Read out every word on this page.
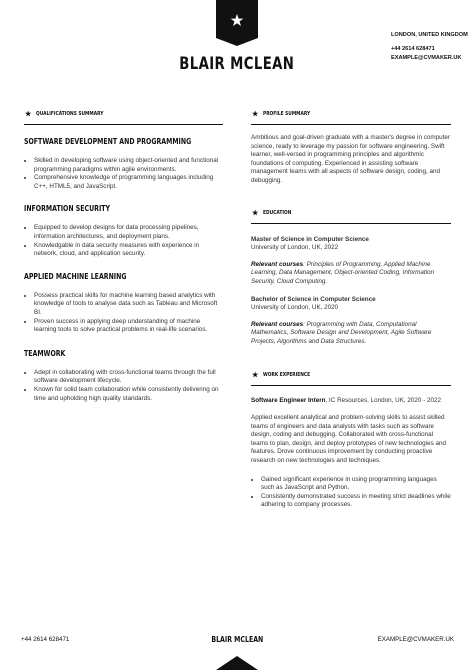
BLAIR MCLEAN
LONDON, UNITED KINGDOM
+44 2614 628471
EXAMPLE@CVMAKER.UK
★ QUALIFICATIONS SUMMARY
SOFTWARE DEVELOPMENT AND PROGRAMMING
• Skilled in developing software using object-oriented and functional programming paradigms within agile environments.
• Comprehensive knowledge of programming languages including C++, HTML5, and JavaScript.
INFORMATION SECURITY
• Equipped to develop designs for data processing pipelines, information architectures, and deployment plans.
• Knowledgable in data security measures with experience in network, cloud, and application security.
APPLIED MACHINE LEARNING
• Possess practical skills for machine learning based analytics with knowledge of tools to analyse data such as Tableau and Microsoft BI.
• Proven success in applying deep understanding of machine learning tools to solve practical problems in real-life scenarios.
TEAMWORK
• Adept in collaborating with cross-functional teams through the full software development lifecycle.
• Known for solid team collaboration while consistently delivering on time and upholding high quality standards.
★ PROFILE SUMMARY

Ambitious and goal-driven graduate with a master's degree in computer science, ready to leverage my passion for software engineering. Swift learner, well-versed in programming principles and algorithmic foundations of computing. Experienced in assisting software management teams with all aspects of software design, coding, and debugging.

★ EDUCATION

Master of Science in Computer Science

University of London, UK, 2022

Relevant courses: Principles of Programming, Applied Machine Learning, Data Management, Object-oriented Coding, Information Security, Cloud Computing.

Bachelor of Science in Computer Science

University of London, UK, 2020

Relevant courses: Programming with Data, Computational Mathematics, Software Design and Development, Agile Software Projects, Algorithms and Data Structures.

★ WORK EXPERIENCE

Software Engineer Intern, IC Resources, London, UK, 2020 - 2022

Applied excellent analytical and problem-solving skills to assist skilled teams of engineers and data analysts with tasks such as software design, coding and debugging. Collaborated with cross-functional teams to plan, design, and deploy prototypes of new technologies and features. Drove continuous improvement by conducting proactive research on new technologies and techniques.

• Gained significant experience in using programming languages such as JavaScript and Python.
• Consistently demonstrated success in meeting strict deadlines while adhering to company processes.
+44 2614 628471	BLAIR MCLEAN	EXAMPLE@CVMAKER.UK
